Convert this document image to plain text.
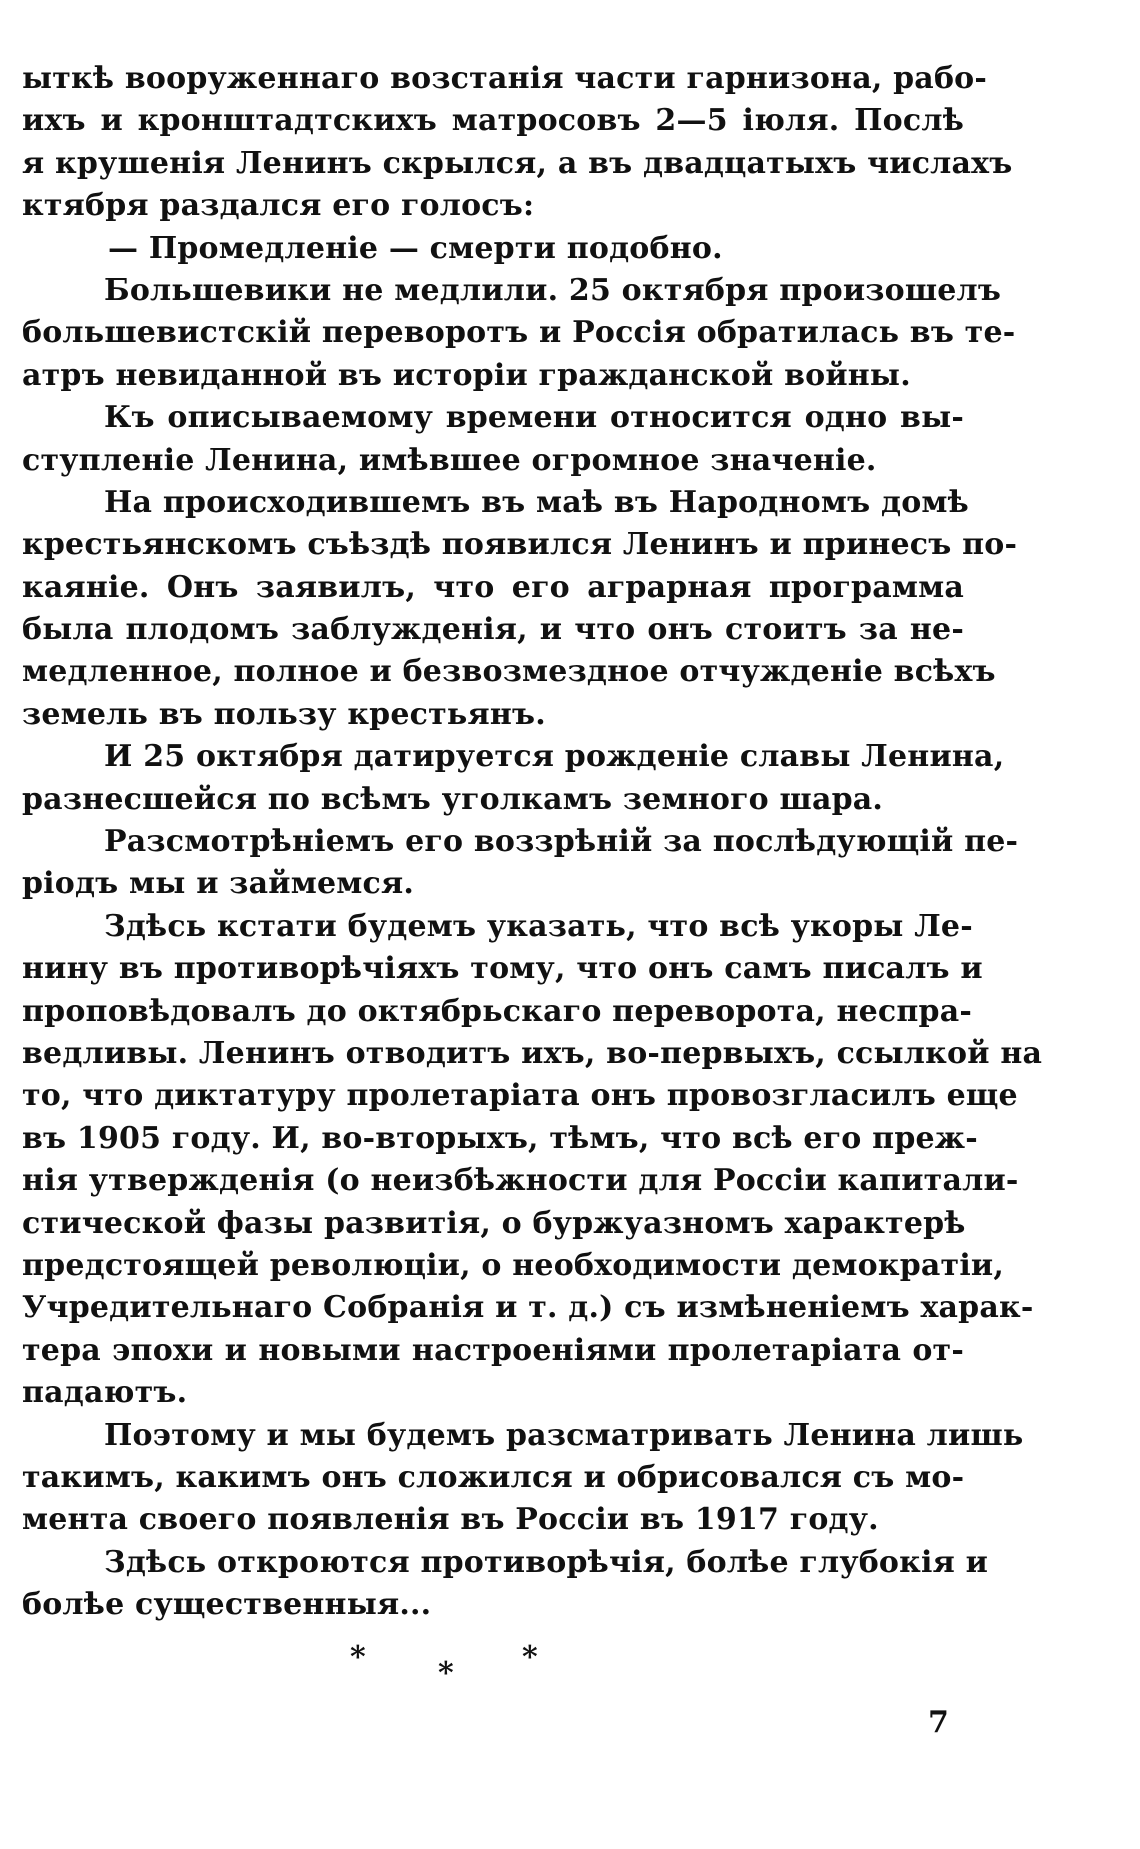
ыткѣ вооруженнаго возстанія части гарнизона, рабо-
ихъ и кронштадтскихъ матросовъ 2—5 іюля. Послѣ
я крушенія Ленинъ скрылся, а въ двадцатыхъ числахъ
ктября раздался его голосъ:
— Промедленіе — смерти подобно.
Большевики не медлили. 25 октября произошелъ
большевистскій переворотъ и Россія обратилась въ те-
атръ невиданной въ исторіи гражданской войны.
Къ описываемому времени относится одно вы-
ступленіе Ленина, имѣвшее огромное значеніе.
На происходившемъ въ маѣ въ Народномъ домѣ
крестьянскомъ съѣздѣ появился Ленинъ и принесъ по-
каяніе. Онъ заявилъ, что его аграрная программа
была плодомъ заблужденія, и что онъ стоитъ за не-
медленное, полное и безвозмездное отчужденіе всѣхъ
земель въ пользу крестьянъ.
И 25 октября датируется рожденіе славы Ленина,
разнесшейся по всѣмъ уголкамъ земного шара.
Разсмотрѣніемъ его воззрѣній за послѣдующій пе-
ріодъ мы и займемся.
Здѣсь кстати будемъ указать, что всѣ укоры Ле-
нину въ противорѣчіяхъ тому, что онъ самъ писалъ и
проповѣдовалъ до октябрьскаго переворота, неспра-
ведливы. Ленинъ отводитъ ихъ, во-первыхъ, ссылкой на
то, что диктатуру пролетаріата онъ провозгласилъ еще
въ 1905 году. И, во-вторыхъ, тѣмъ, что всѣ его преж-
нія утвержденія (о неизбѣжности для Россіи капитали-
стической фазы развитія, о буржуазномъ характерѣ
предстоящей революціи, о необходимости демократіи,
Учредительнаго Собранія и т. д.) съ измѣненіемъ харак-
тера эпохи и новыми настроеніями пролетаріата от-
падаютъ.
Поэтому и мы будемъ разсматривать Ленина лишь
такимъ, какимъ онъ сложился и обрисовался съ мо-
мента своего появленія въ Россіи въ 1917 году.
Здѣсь откроются противорѣчія, болѣе глубокія и
болѣе существенныя...
* * *
7
